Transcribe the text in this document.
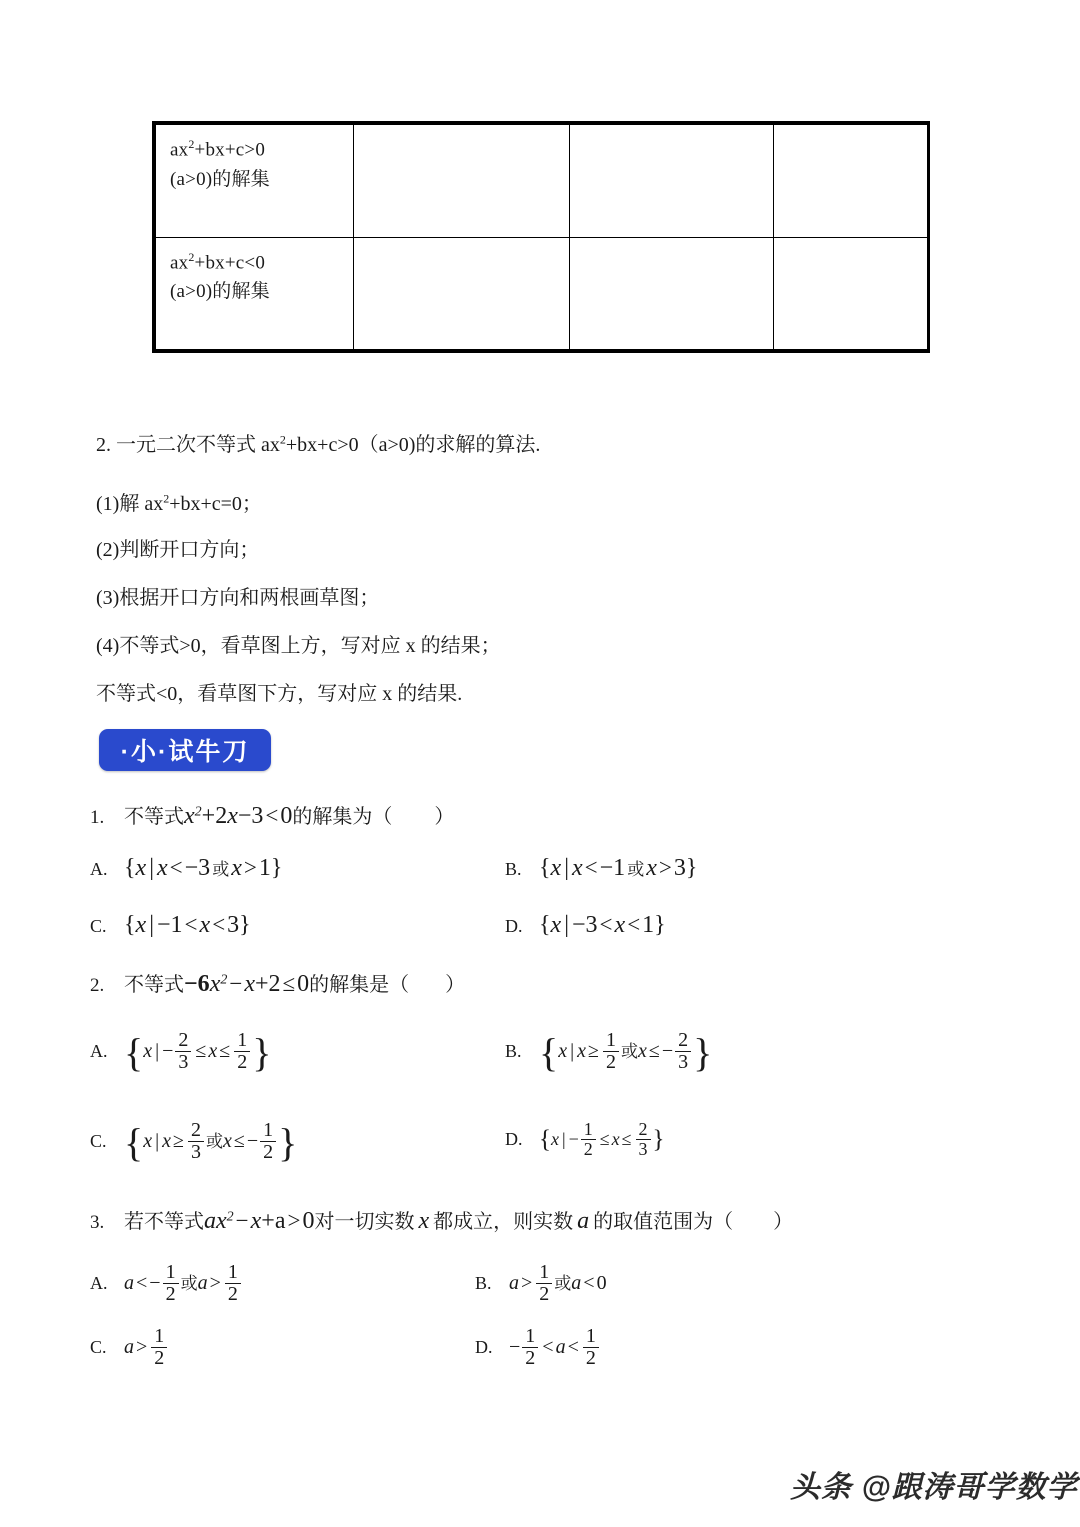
$ax^2+bx+c>0$
(a>0)的解集			

$ax^2+bx+c<0$
(a>0)的解集			

2. 一元二次不等式 $ax^2+bx+c>0(a>0)$的求解的算法.
(1)解 $ax^2+bx+c=0$；
(2)判断开口方向；
(3)根据开口方向和两根画草图；
(4)不等式>0，看草图上方，写对应 x 的结果；
不等式<0，看草图下方，写对应 x 的结果.
·小·试牛刀
1. 不等式$x^2+2x-3<0$的解集为（ ）
A. {x | x<−3 或x>1}	B. {x | x<−1 或x>3}
C. {x | −1<x<3}	D. {x | −3<x<1}
2. 不等式$-6x^2-x+2\le 0$的解集是（ ）
A. {x | − $\frac{2}{3} \le x \le \frac{1}{2}$ }	B. {x | $x \ge \frac{1}{2}$ 或x ≤ − $\frac{2}{3}$ }
C. {x | $x \ge \frac{2}{3}$ 或x ≤ − $\frac{1}{2}$ }	D. {x | − $\frac{1}{2} \le x \le \frac{2}{3}$ }
3. 若不等式$ax^2-x+a>0$对一切实数 x 都成立，则实数 a 的取值范围为（ ）
A. a < − $\frac{1}{2}$ 或$a > \frac{1}{2}$	B. $a > \frac{1}{2}$ 或a < 0
C. $a > \frac{1}{2}$	D. − $\frac{1}{2} < a < \frac{1}{2}$
头条 @跟涛哥学数学
